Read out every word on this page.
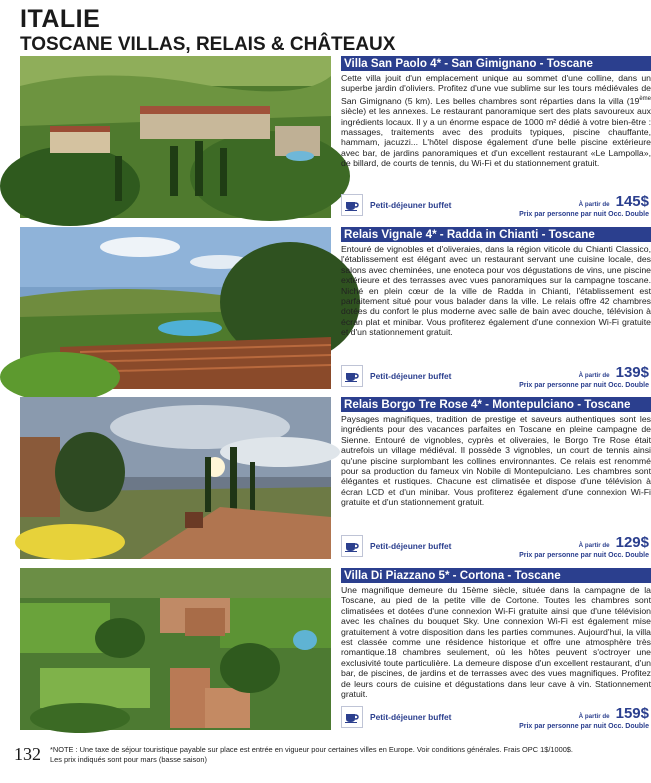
ITALIE
TOSCANE VILLAS, RELAIS & CHÂTEAUX
Villa San Paolo 4* - San Gimignano - Toscane

Cette villa jouit d'un emplacement unique au sommet d'une colline, dans un superbe jardin d'oliviers. Profitez d'une vue sublime sur les tours médiévales de San Gimignano (5 km). Les belles chambres sont réparties dans la villa (19ème siècle) et les annexes. Le restaurant panoramique sert des plats savoureux aux ingrédients locaux. Il y a un énorme espace de 1000 m² dédié à votre bien-être : massages, traitements avec des produits typiques, piscine chauffante, hammam, jacuzzi... L'hôtel dispose également d'une belle piscine extérieure avec bar, de jardins panoramiques et d'un excellent restaurant «Le Lampolla», de billard, de courts de tennis, du Wi-Fi et du stationnement gratuit.

Petit-déjeuner buffet	À partir de 145$
Prix par personne par nuit Occ. Double
Relais Vignale 4* - Radda in Chianti - Toscane

Entouré de vignobles et d'oliveraies, dans la région viticole du Chianti Classico, l'établissement est élégant avec un restaurant servant une cuisine locale, des salons avec cheminées, une enoteca pour vos dégustations de vins, une piscine extérieure et des terrasses avec vues panoramiques sur la campagne toscane. Niché en plein cœur de la ville de Radda in Chianti, l'établissement est parfaitement situé pour vous balader dans la ville. Le relais offre 42 chambres dotées du confort le plus moderne avec salle de bain avec douche, télévision à écran plat et minibar. Vous profiterez également d'une connexion Wi-Fi gratuite et d'un stationnement gratuit.

Petit-déjeuner buffet	À partir de 139$
Prix par personne par nuit Occ. Double
Relais Borgo Tre Rose 4* - Montepulciano - Toscane

Paysages magnifiques, tradition de prestige et saveurs authentiques sont les ingrédients pour des vacances parfaites en Toscane en pleine campagne de Sienne. Entouré de vignobles, cyprès et oliveraies, le Borgo Tre Rose était autrefois un village médiéval. Il possède 3 vignobles, un court de tennis ainsi qu'une piscine surplombant les collines environnantes. Ce relais est renommé pour sa production du fameux vin Nobile di Montepulciano. Les chambres sont élégantes et rustiques. Chacune est climatisée et dispose d'une télévision à écran LCD et d'un minibar. Vous profiterez également d'une connexion Wi-Fi gratuite et d'un stationnement gratuit.

Petit-déjeuner buffet	À partir de 129$
Prix par personne par nuit Occ. Double
Villa Di Piazzano 5* - Cortona - Toscane

Une magnifique demeure du 15ème siècle, située dans la campagne de la Toscane, au pied de la petite ville de Cortone. Toutes les chambres sont climatisées et dotées d'une connexion Wi-Fi gratuite ainsi que d'une télévision avec les chaînes du bouquet Sky. Une connexion Wi-Fi est également mise gratuitement à votre disposition dans les parties communes. Aujourd'hui, la villa est classée comme une résidence historique et offre une atmosphère très romantique.18 chambres seulement, où les hôtes peuvent s'octroyer une exclusivité toute particulière. La demeure dispose d'un excellent restaurant, d'un bar, de piscines, de jardins et de terrasses avec des vues magnifiques. Profitez de leurs cours de cuisine et dégustations dans leur cave à vin. Stationnement gratuit.

Petit-déjeuner buffet	À partir de 159$
Prix par personne par nuit Occ. Double
132 *NOTE : Une taxe de séjour touristique payable sur place est entrée en vigueur pour certaines villes en Europe. Voir conditions générales. Frais OPC 1$/1000$.
Les prix indiqués sont pour mars (basse saison)
